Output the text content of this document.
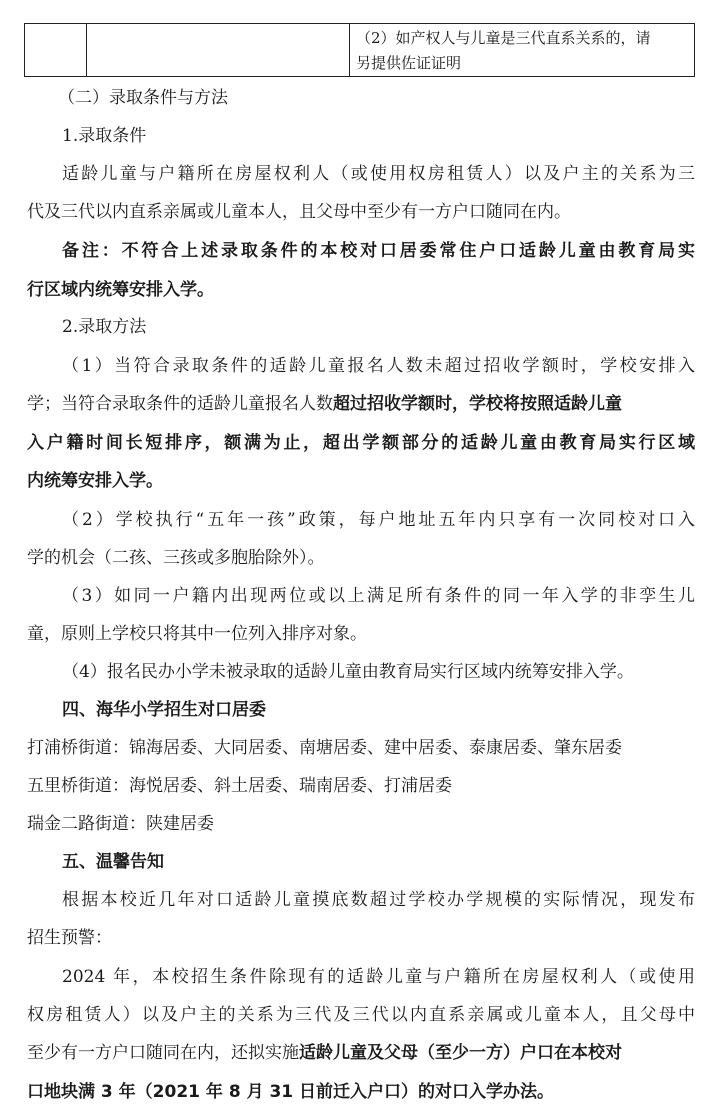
（2）如产权人与儿童是三代直系关系的，请
另提供佐证证明
（二）录取条件与方法
1.录取条件
适龄儿童与户籍所在房屋权利人（或使用权房租赁人）以及户主的关系为三
代及三代以内直系亲属或儿童本人，且父母中至少有一方户口随同在内。
备注：不符合上述录取条件的本校对口居委常住户口适龄儿童由教育局实
行区域内统筹安排入学。
2.录取方法
（1）当符合录取条件的适龄儿童报名人数未超过招收学额时，学校安排入
学；当符合录取条件的适龄儿童报名人数超过招收学额时，学校将按照适龄儿童
入户籍时间长短排序，额满为止，超出学额部分的适龄儿童由教育局实行区域
内统筹安排入学。
（2）学校执行“五年一孩”政策，每户地址五年内只享有一次同校对口入
学的机会（二孩、三孩或多胞胎除外）。
（3）如同一户籍内出现两位或以上满足所有条件的同一年入学的非孪生儿
童，原则上学校只将其中一位列入排序对象。
（4）报名民办小学未被录取的适龄儿童由教育局实行区域内统筹安排入学。
四、海华小学招生对口居委
打浦桥街道：锦海居委、大同居委、南塘居委、建中居委、泰康居委、肇东居委
五里桥街道：海悦居委、斜土居委、瑞南居委、打浦居委
瑞金二路街道：陕建居委
五、温馨告知
根据本校近几年对口适龄儿童摸底数超过学校办学规模的实际情况，现发布
招生预警：
2024 年，本校招生条件除现有的适龄儿童与户籍所在房屋权利人（或使用
权房租赁人）以及户主的关系为三代及三代以内直系亲属或儿童本人，且父母中
至少有一方户口随同在内，还拟实施适龄儿童及父母（至少一方）户口在本校对
口地块满 3 年（2021 年 8 月 31 日前迁入户口）的对口入学办法。
